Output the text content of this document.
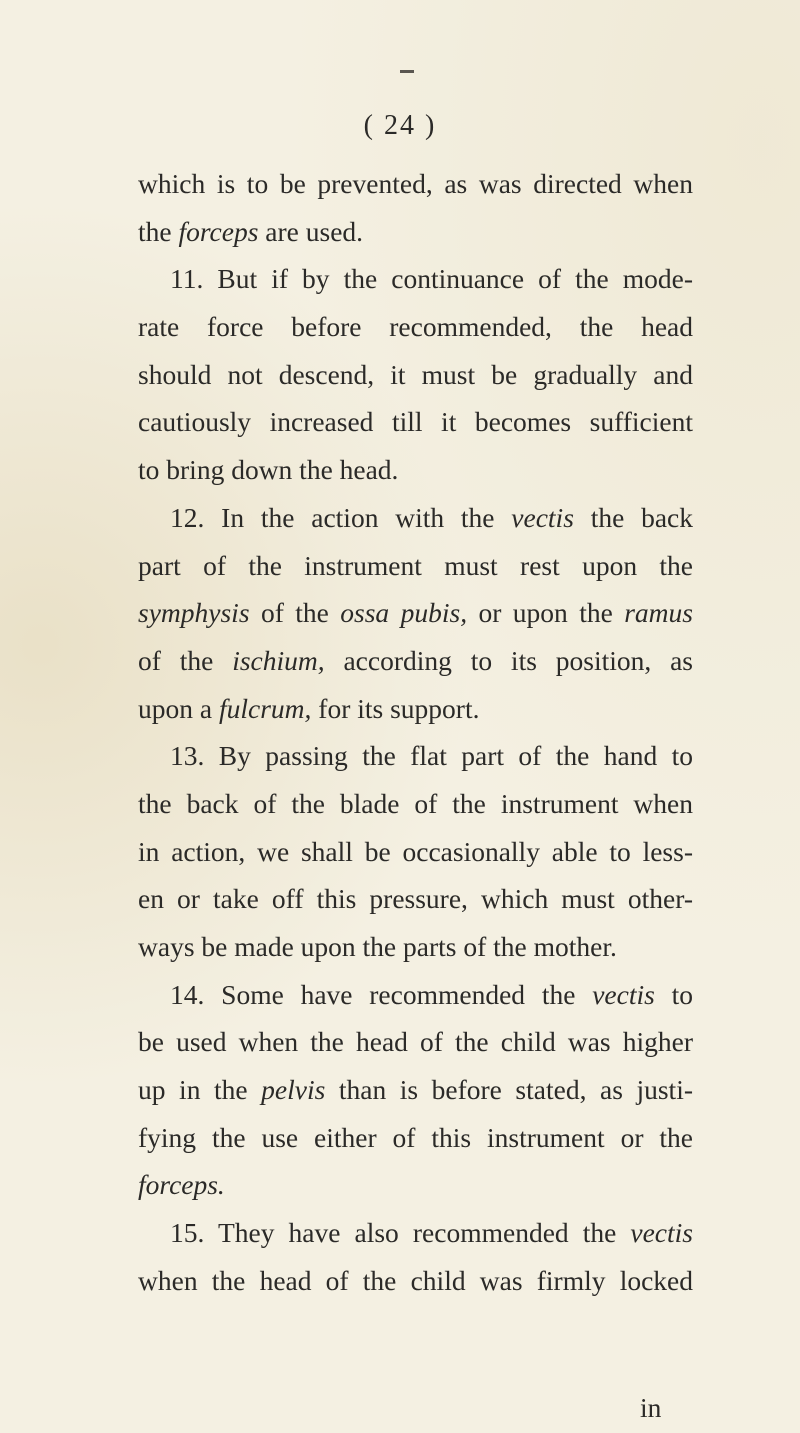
( 24 )
which is to be prevented, as was directed when
the forceps are used.
11. But if by the continuance of the mode-
rate force before recommended, the head
should not descend, it must be gradually and
cautiously increased till it becomes sufficient
to bring down the head.
12. In the action with the vectis the back
part of the instrument must rest upon the
symphysis of the ossa pubis, or upon the ramus
of the ischium, according to its position, as
upon a fulcrum, for its support.
13. By passing the flat part of the hand to
the back of the blade of the instrument when
in action, we shall be occasionally able to less-
en or take off this pressure, which must other-
ways be made upon the parts of the mother.
14. Some have recommended the vectis to
be used when the head of the child was higher
up in the pelvis than is before stated, as justi-
fying the use either of this instrument or the
forceps.
15. They have also recommended the vectis
when the head of the child was firmly locked
in
